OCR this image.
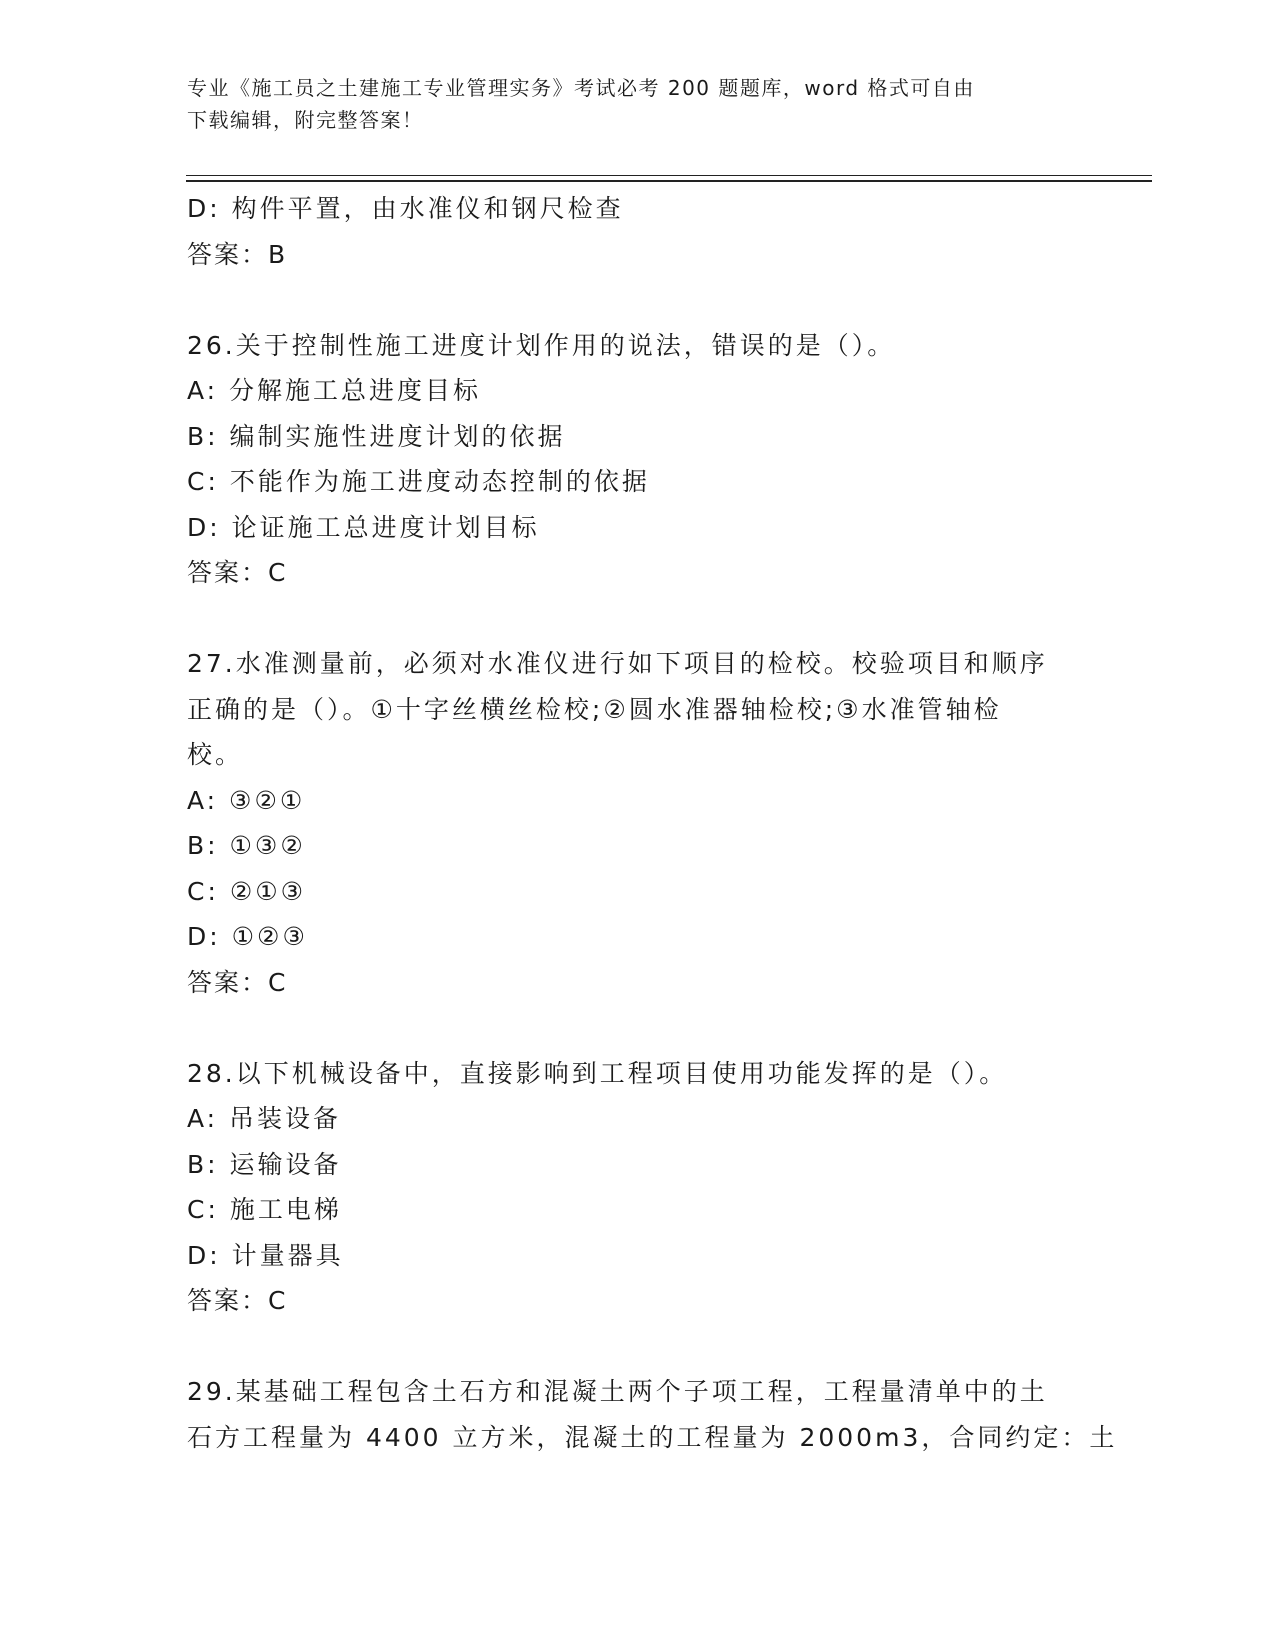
专业《施工员之土建施工专业管理实务》考试必考 200 题题库，word 格式可自由
下载编辑，附完整答案！
D: 构件平置，由水准仪和钢尺检查
答案：B
26.关于控制性施工进度计划作用的说法，错误的是（）。
A: 分解施工总进度目标
B: 编制实施性进度计划的依据
C: 不能作为施工进度动态控制的依据
D: 论证施工总进度计划目标
答案：C
27.水准测量前，必须对水准仪进行如下项目的检校。校验项目和顺序
正确的是（）。①十字丝横丝检校;②圆水准器轴检校;③水准管轴检
校。
A: ③②①
B: ①③②
C: ②①③
D: ①②③
答案：C
28.以下机械设备中，直接影响到工程项目使用功能发挥的是（）。
A: 吊装设备
B: 运输设备
C: 施工电梯
D: 计量器具
答案：C
29.某基础工程包含土石方和混凝土两个子项工程，工程量清单中的土
石方工程量为 4400 立方米，混凝土的工程量为 2000m3，合同约定：土
